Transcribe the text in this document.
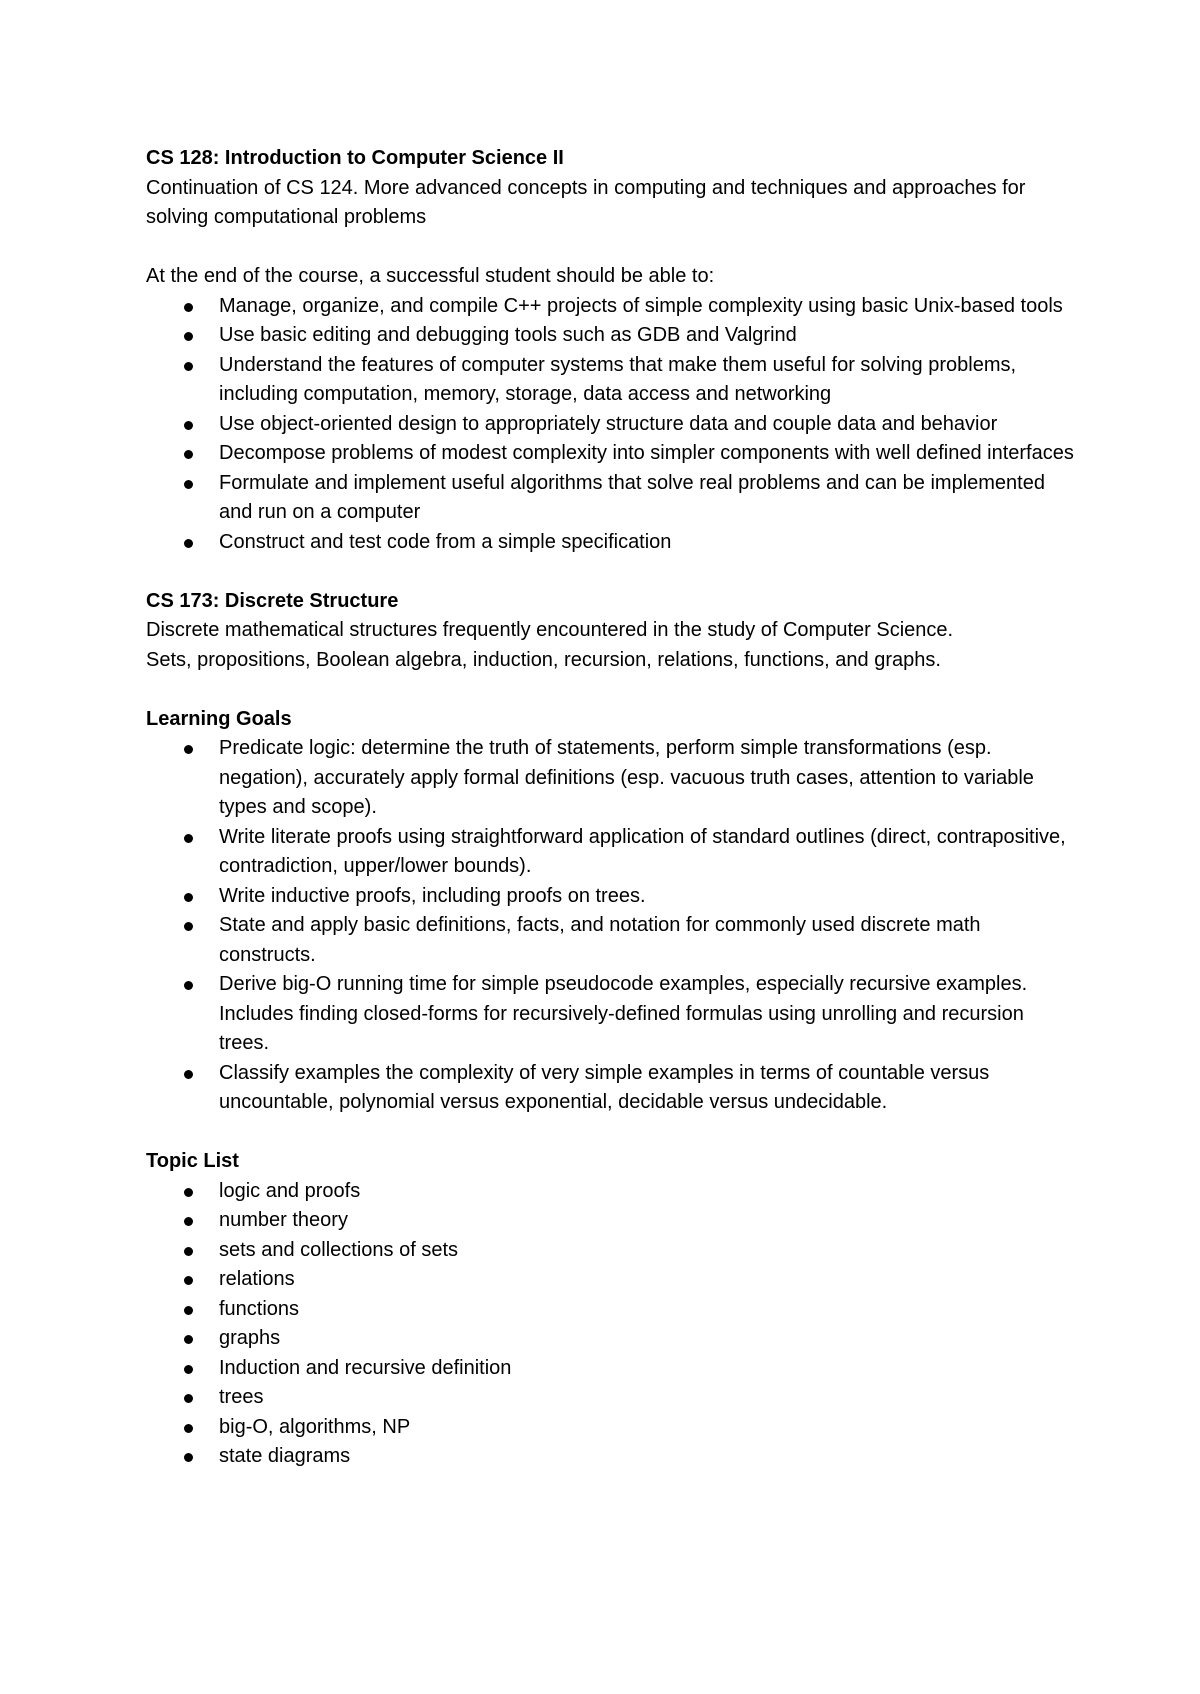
CS 128: Introduction to Computer Science II

Continuation of CS 124. More advanced concepts in computing and techniques and approaches for solving computational problems

At the end of the course, a successful student should be able to:

Manage, organize, and compile C++ projects of simple complexity using basic Unix-based tools
Use basic editing and debugging tools such as GDB and Valgrind
Understand the features of computer systems that make them useful for solving problems, including computation, memory, storage, data access and networking
Use object-oriented design to appropriately structure data and couple data and behavior
Decompose problems of modest complexity into simpler components with well defined interfaces
Formulate and implement useful algorithms that solve real problems and can be implemented and run on a computer
Construct and test code from a simple specification

CS 173: Discrete Structure

Discrete mathematical structures frequently encountered in the study of Computer Science.

Sets, propositions, Boolean algebra, induction, recursion, relations, functions, and graphs.

Learning Goals

Predicate logic: determine the truth of statements, perform simple transformations (esp. negation), accurately apply formal definitions (esp. vacuous truth cases, attention to variable types and scope).
Write literate proofs using straightforward application of standard outlines (direct, contrapositive, contradiction, upper/lower bounds).
Write inductive proofs, including proofs on trees.
State and apply basic definitions, facts, and notation for commonly used discrete math constructs.
Derive big-O running time for simple pseudocode examples, especially recursive examples. Includes finding closed-forms for recursively-defined formulas using unrolling and recursion trees.
Classify examples the complexity of very simple examples in terms of countable versus uncountable, polynomial versus exponential, decidable versus undecidable.

Topic List

logic and proofs
number theory
sets and collections of sets
relations
functions
graphs
Induction and recursive definition
trees
big-O, algorithms, NP
state diagrams
